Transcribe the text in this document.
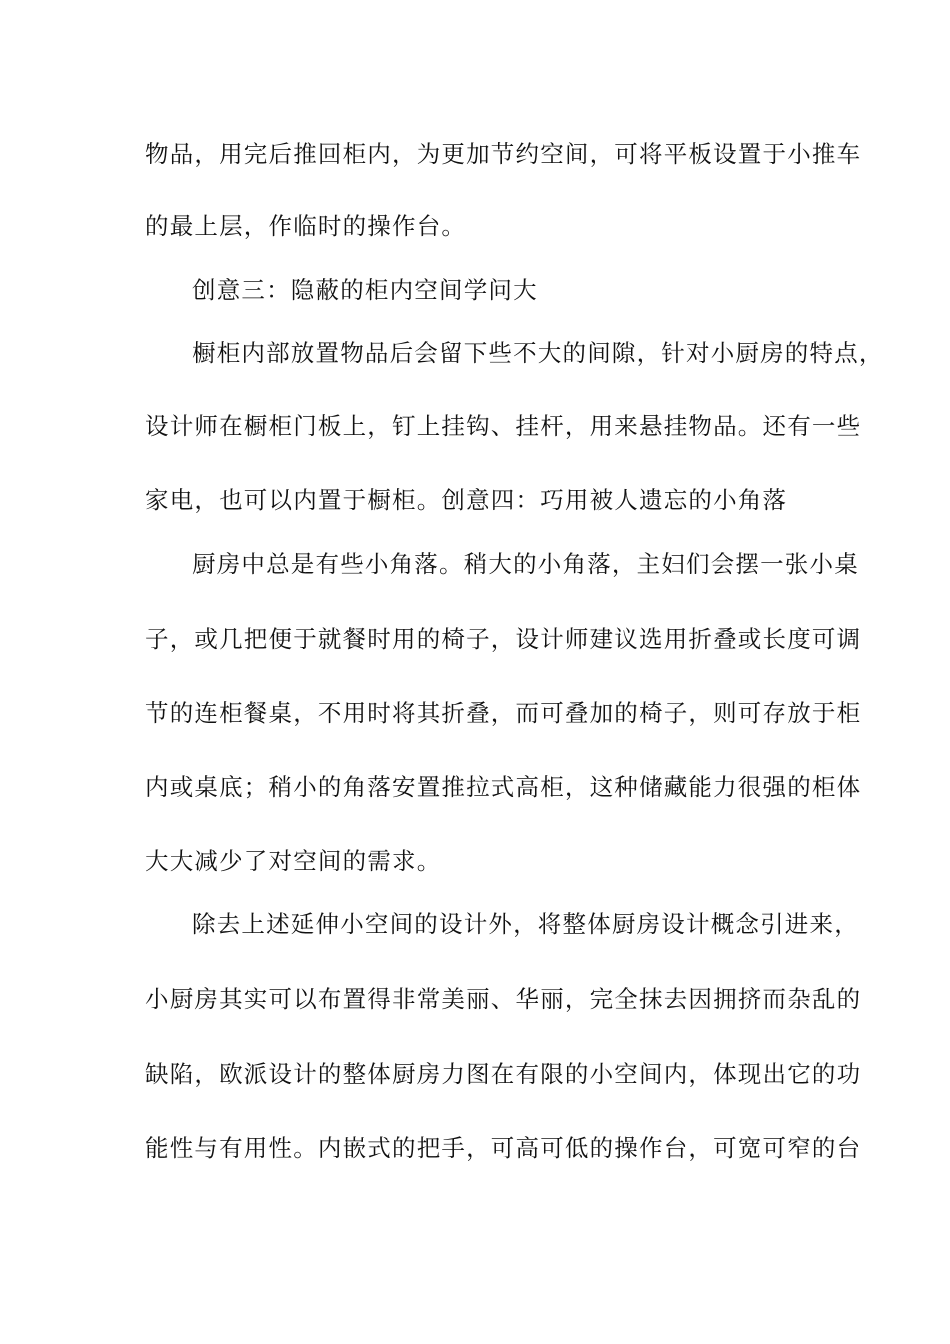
物品，用完后推回柜内，为更加节约空间，可将平板设置于小推车
的最上层，作临时的操作台。
创意三：隐蔽的柜内空间学问大
橱柜内部放置物品后会留下些不大的间隙，针对小厨房的特点，
设计师在橱柜门板上，钉上挂钩、挂杆，用来悬挂物品。还有一些
家电，也可以内置于橱柜。创意四：巧用被人遗忘的小角落
厨房中总是有些小角落。稍大的小角落，主妇们会摆一张小桌
子，或几把便于就餐时用的椅子，设计师建议选用折叠或长度可调
节的连柜餐桌，不用时将其折叠，而可叠加的椅子，则可存放于柜
内或桌底；稍小的角落安置推拉式高柜，这种储藏能力很强的柜体
大大减少了对空间的需求。
除去上述延伸小空间的设计外，将整体厨房设计概念引进来，
小厨房其实可以布置得非常美丽、华丽，完全抹去因拥挤而杂乱的
缺陷，欧派设计的整体厨房力图在有限的小空间内，体现出它的功
能性与有用性。内嵌式的把手，可高可低的操作台，可宽可窄的台
